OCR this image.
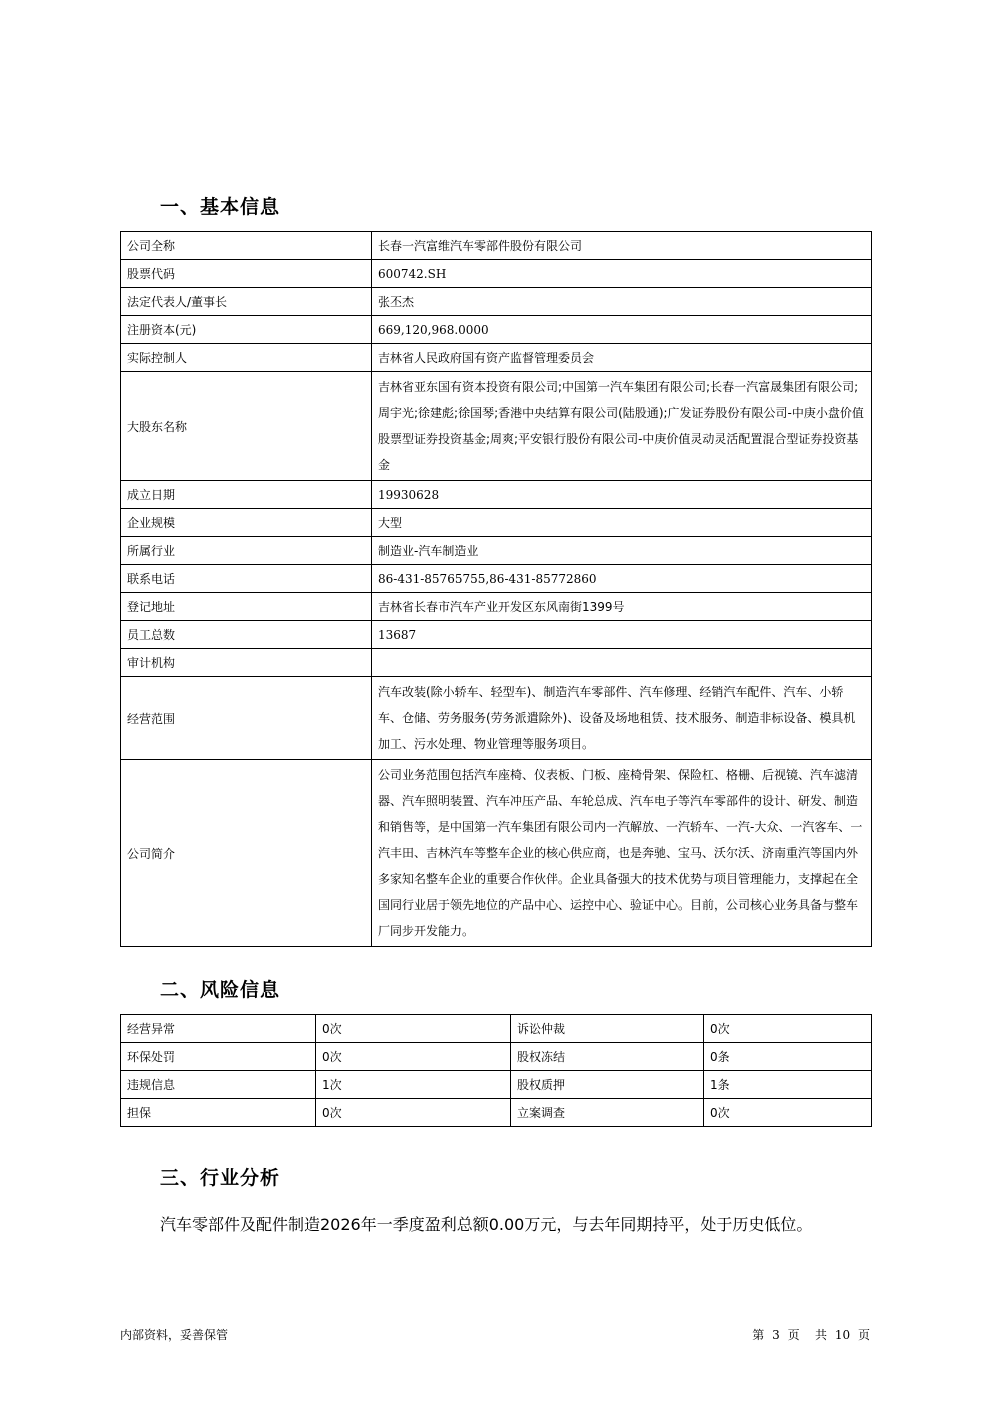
一、基本信息
公司全称	长春一汽富维汽车零部件股份有限公司
股票代码	600742.SH
法定代表人/董事长	张丕杰
注册资本(元)	669,120,968.0000
实际控制人	吉林省人民政府国有资产监督管理委员会
大股东名称	吉林省亚东国有资本投资有限公司;中国第一汽车集团有限公司;长春一汽富晟集团有限公司;周宇光;徐建彪;徐国琴;香港中央结算有限公司(陆股通);广发证券股份有限公司-中庚小盘价值股票型证券投资基金;周爽;平安银行股份有限公司-中庚价值灵动灵活配置混合型证券投资基金
成立日期	19930628
企业规模	大型
所属行业	制造业-汽车制造业
联系电话	86-431-85765755,86-431-85772860
登记地址	吉林省长春市汽车产业开发区东风南街1399号
员工总数	13687
审计机构	
经营范围	汽车改装(除小轿车、轻型车)、制造汽车零部件、汽车修理、经销汽车配件、汽车、小轿车、仓储、劳务服务(劳务派遣除外)、设备及场地租赁、技术服务、制造非标设备、模具机加工、污水处理、物业管理等服务项目。
公司简介	公司业务范围包括汽车座椅、仪表板、门板、座椅骨架、保险杠、格栅、后视镜、汽车滤清器、汽车照明装置、汽车冲压产品、车轮总成、汽车电子等汽车零部件的设计、研发、制造和销售等，是中国第一汽车集团有限公司内一汽解放、一汽轿车、一汽-大众、一汽客车、一汽丰田、吉林汽车等整车企业的核心供应商，也是奔驰、宝马、沃尔沃、济南重汽等国内外多家知名整车企业的重要合作伙伴。企业具备强大的技术优势与项目管理能力，支撑起在全国同行业居于领先地位的产品中心、运控中心、验证中心。目前，公司核心业务具备与整车厂同步开发能力。
二、风险信息
经营异常	0次	诉讼仲裁	0次
环保处罚	0次	股权冻结	0条
违规信息	1次	股权质押	1条
担保	0次	立案调查	0次
三、行业分析
汽车零部件及配件制造2026年一季度盈利总额0.00万元，与去年同期持平，处于历史低位。
内部资料，妥善保管	第 3 页 共 10 页
